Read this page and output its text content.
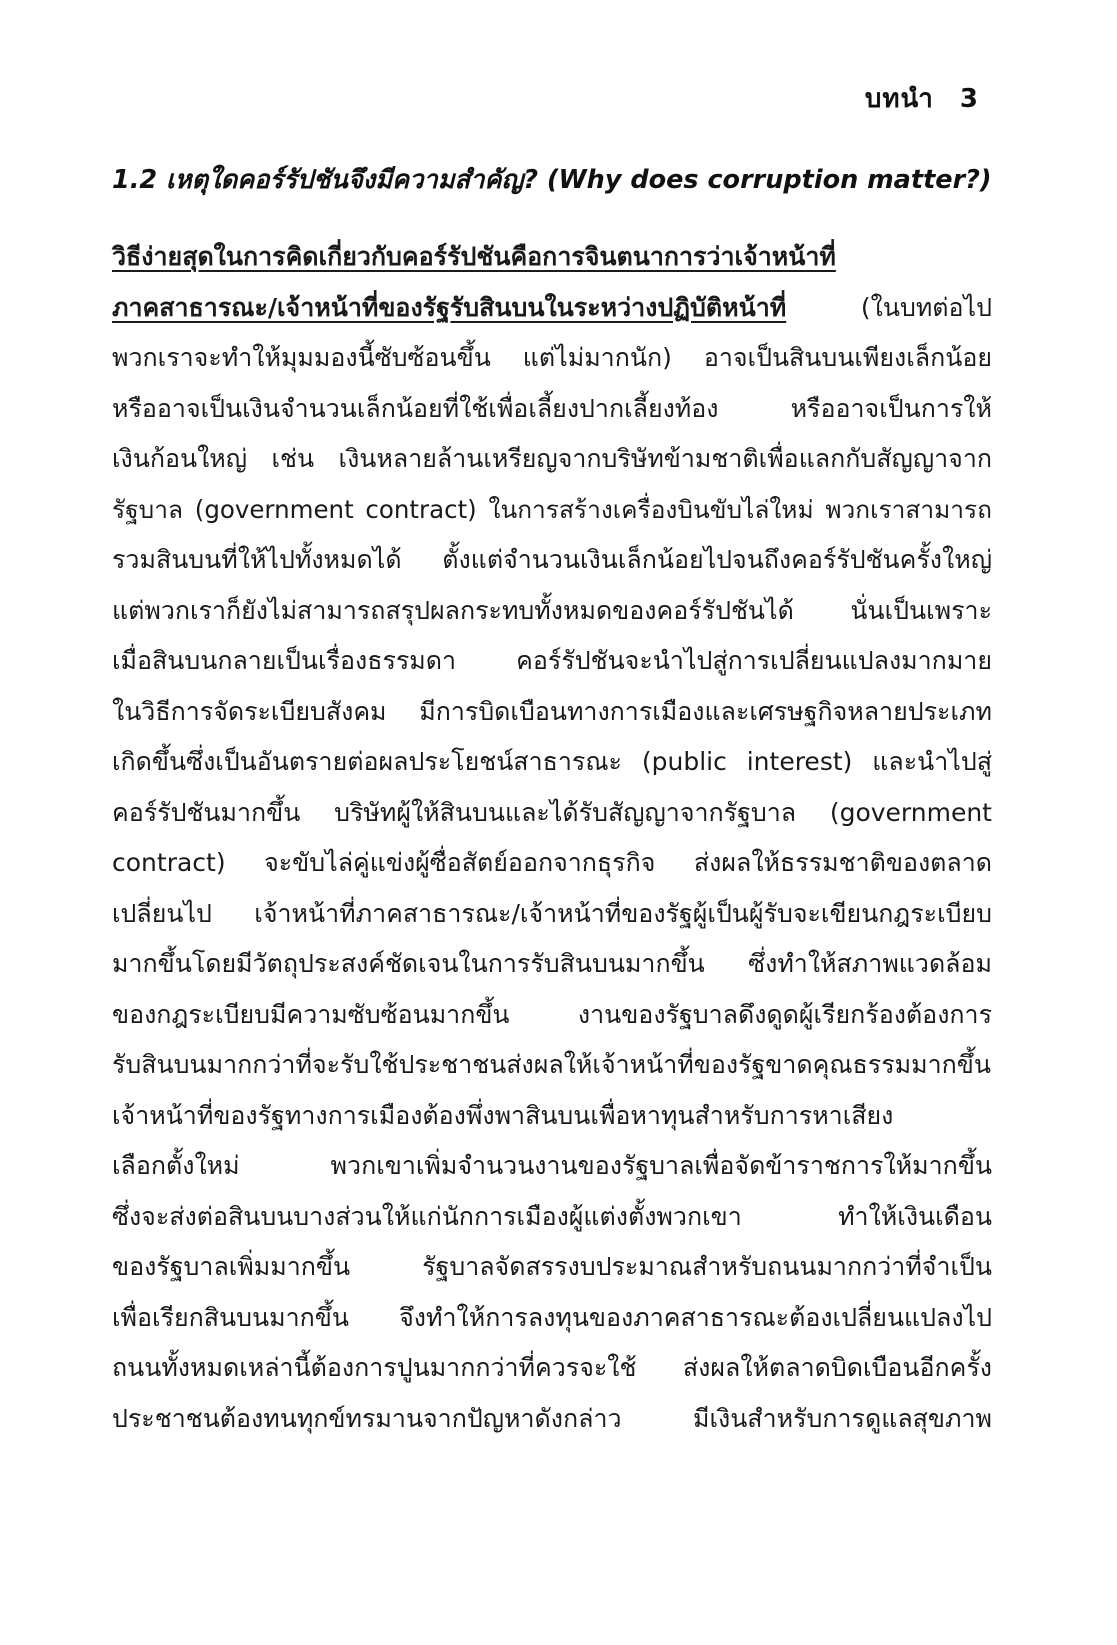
บทนำ 3
1.2 เหตุใดคอร์รัปชันจึงมีความสำคัญ? (Why does corruption matter?)
วิธีง่ายสุดในการคิดเกี่ยวกับคอร์รัปชันคือการจินตนาการว่าเจ้าหน้าที่
ภาคสาธารณะ/เจ้าหน้าที่ของรัฐรับสินบนในระหว่างปฏิบัติหน้าที่ (ในบทต่อไป
พวกเราจะทำให้มุมมองนี้ซับซ้อนขึ้น แต่ไม่มากนัก) อาจเป็นสินบนเพียงเล็กน้อย
หรืออาจเป็นเงินจำนวนเล็กน้อยที่ใช้เพื่อเลี้ยงปากเลี้ยงท้อง หรืออาจเป็นการให้
เงินก้อนใหญ่ เช่น เงินหลายล้านเหรียญจากบริษัทข้ามชาติเพื่อแลกกับสัญญาจาก
รัฐบาล (government contract) ในการสร้างเครื่องบินขับไล่ใหม่ พวกเราสามารถ
รวมสินบนที่ให้ไปทั้งหมดได้ ตั้งแต่จำนวนเงินเล็กน้อยไปจนถึงคอร์รัปชันครั้งใหญ่
แต่พวกเราก็ยังไม่สามารถสรุปผลกระทบทั้งหมดของคอร์รัปชันได้ นั่นเป็นเพราะ
เมื่อสินบนกลายเป็นเรื่องธรรมดา คอร์รัปชันจะนำไปสู่การเปลี่ยนแปลงมากมาย
ในวิธีการจัดระเบียบสังคม มีการบิดเบือนทางการเมืองและเศรษฐกิจหลายประเภท
เกิดขึ้นซึ่งเป็นอันตรายต่อผลประโยชน์สาธารณะ (public interest) และนำไปสู่
คอร์รัปชันมากขึ้น บริษัทผู้ให้สินบนและได้รับสัญญาจากรัฐบาล (government
contract) จะขับไล่คู่แข่งผู้ซื่อสัตย์ออกจากธุรกิจ ส่งผลให้ธรรมชาติของตลาด
เปลี่ยนไป เจ้าหน้าที่ภาคสาธารณะ/เจ้าหน้าที่ของรัฐผู้เป็นผู้รับจะเขียนกฎระเบียบ
มากขึ้นโดยมีวัตถุประสงค์ชัดเจนในการรับสินบนมากขึ้น ซึ่งทำให้สภาพแวดล้อม
ของกฎระเบียบมีความซับซ้อนมากขึ้น งานของรัฐบาลดึงดูดผู้เรียกร้องต้องการ
รับสินบนมากกว่าที่จะรับใช้ประชาชนส่งผลให้เจ้าหน้าที่ของรัฐขาดคุณธรรมมากขึ้น
เจ้าหน้าที่ของรัฐทางการเมืองต้องพึ่งพาสินบนเพื่อหาทุนสำหรับการหาเสียง
เลือกตั้งใหม่ พวกเขาเพิ่มจำนวนงานของรัฐบาลเพื่อจัดข้าราชการให้มากขึ้น
ซึ่งจะส่งต่อสินบนบางส่วนให้แก่นักการเมืองผู้แต่งตั้งพวกเขา ทำให้เงินเดือน
ของรัฐบาลเพิ่มมากขึ้น รัฐบาลจัดสรรงบประมาณสำหรับถนนมากกว่าที่จำเป็น
เพื่อเรียกสินบนมากขึ้น จึงทำให้การลงทุนของภาคสาธารณะต้องเปลี่ยนแปลงไป
ถนนทั้งหมดเหล่านี้ต้องการปูนมากกว่าที่ควรจะใช้ ส่งผลให้ตลาดบิดเบือนอีกครั้ง
ประชาชนต้องทนทุกข์ทรมานจากปัญหาดังกล่าว มีเงินสำหรับการดูแลสุขภาพ
